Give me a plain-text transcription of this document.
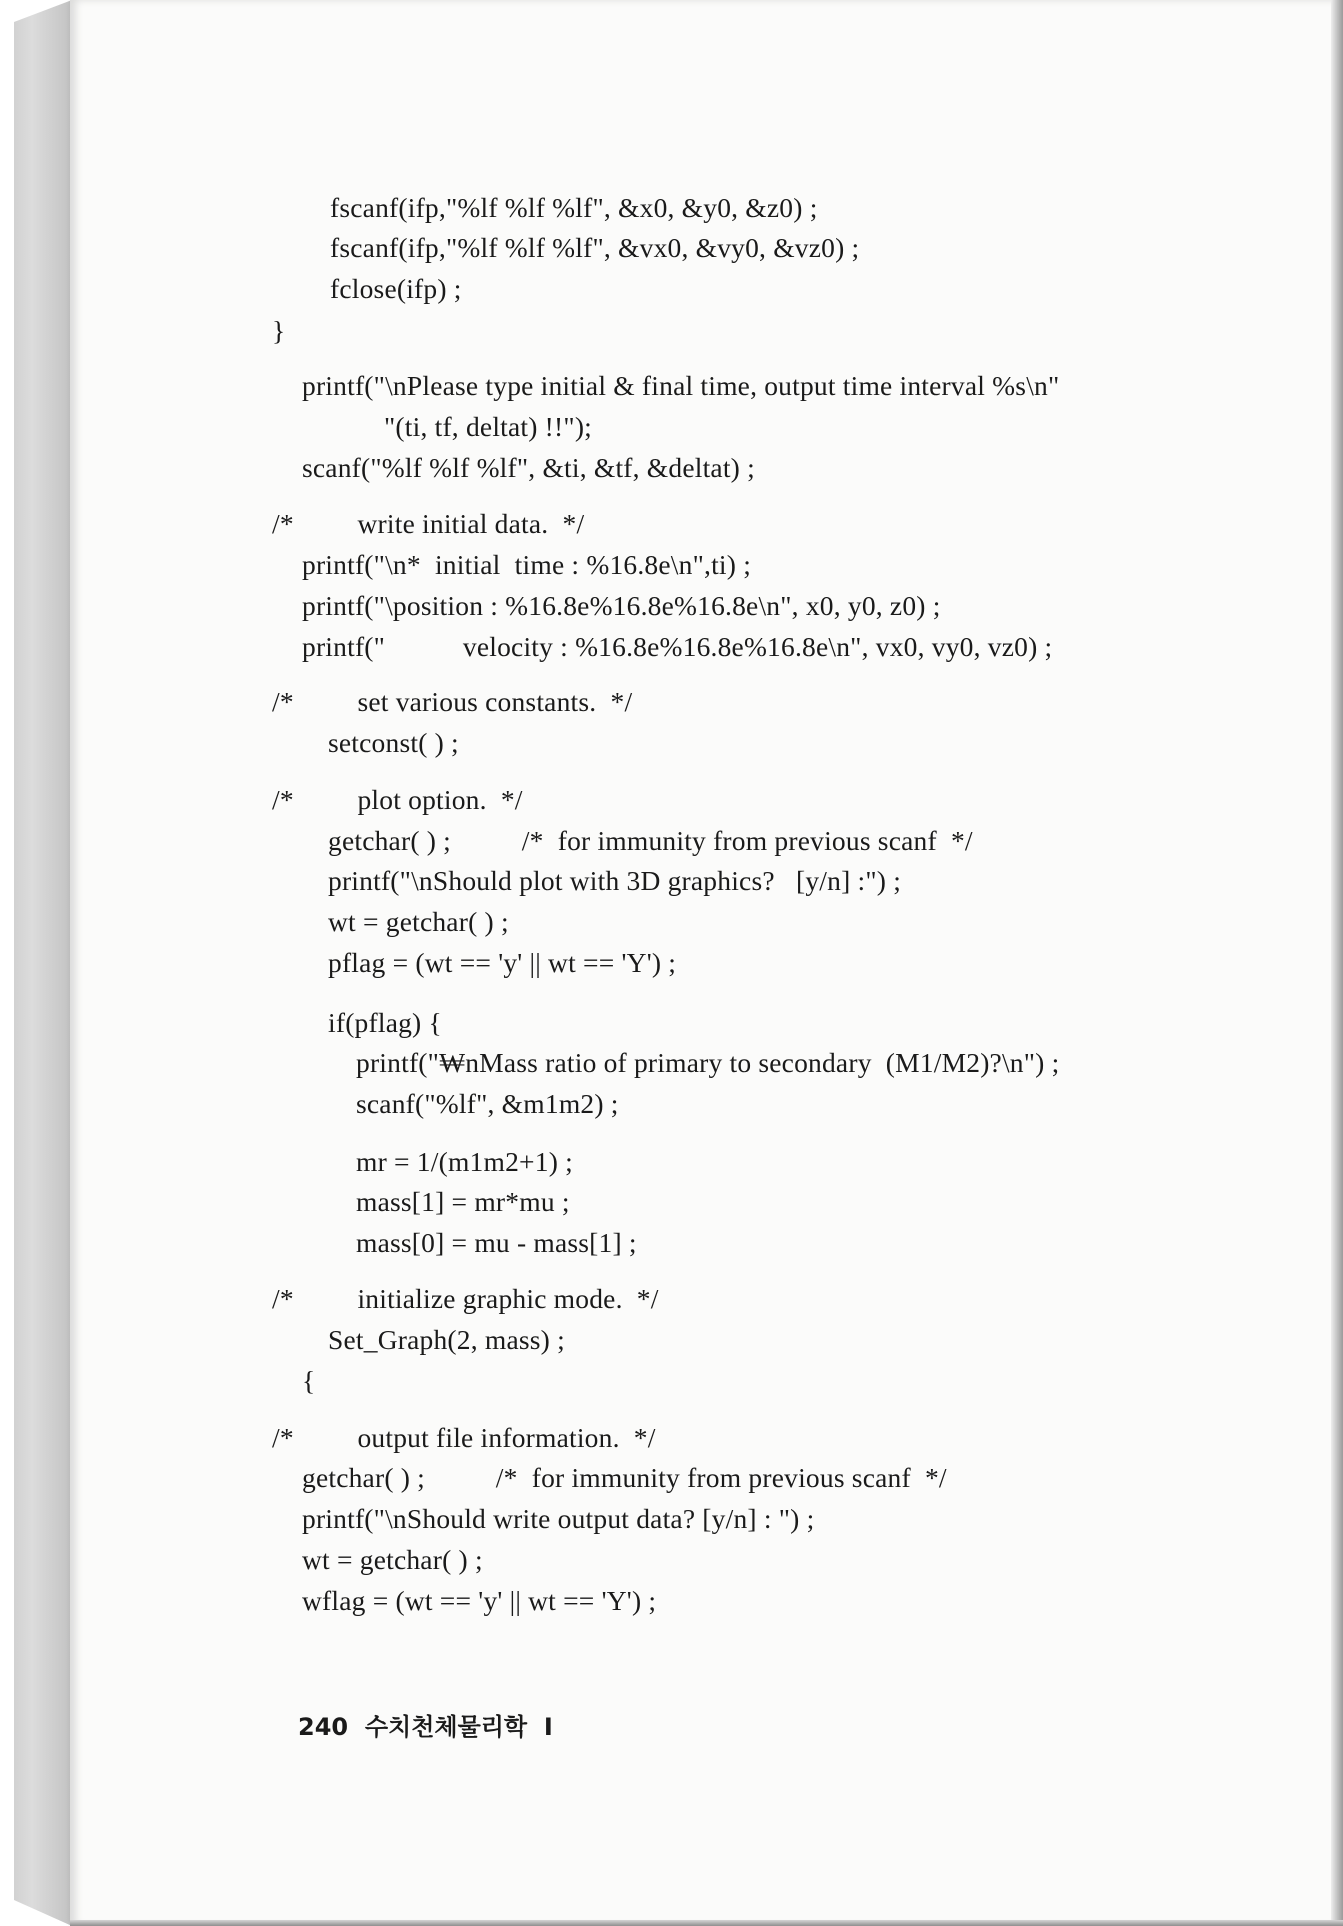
fscanf(ifp,"%lf %lf %lf", &x0, &y0, &z0) ;
fscanf(ifp,"%lf %lf %lf", &vx0, &vy0, &vz0) ;
fclose(ifp) ;
}
printf("\nPlease type initial & final time, output time interval %s\n"
"(ti, tf, deltat) !!");
scanf("%lf %lf %lf", &ti, &tf, &deltat) ;
/*         write initial data.  */
printf("\n*  initial  time : %16.8e\n",ti) ;
printf("\position : %16.8e%16.8e%16.8e\n", x0, y0, z0) ;
printf("           velocity : %16.8e%16.8e%16.8e\n", vx0, vy0, vz0) ;
/*         set various constants.  */
setconst( ) ;
/*         plot option.  */
getchar( ) ;          /*  for immunity from previous scanf  */
printf("\nShould plot with 3D graphics?   [y/n] :") ;
wt = getchar( ) ;
pflag = (wt == 'y' || wt == 'Y') ;
if(pflag) {
printf("₩nMass ratio of primary to secondary  (M1/M2)?\n") ;
scanf("%lf", &m1m2) ;
mr = 1/(m1m2+1) ;
mass[1] = mr*mu ;
mass[0] = mu - mass[1] ;
/*         initialize graphic mode.  */
Set_Graph(2, mass) ;
{
/*         output file information.  */
getchar( ) ;          /*  for immunity from previous scanf  */
printf("\nShould write output data? [y/n] : ") ;
wt = getchar( ) ;
wflag = (wt == 'y' || wt == 'Y') ;
240 수치천체물리학  I
